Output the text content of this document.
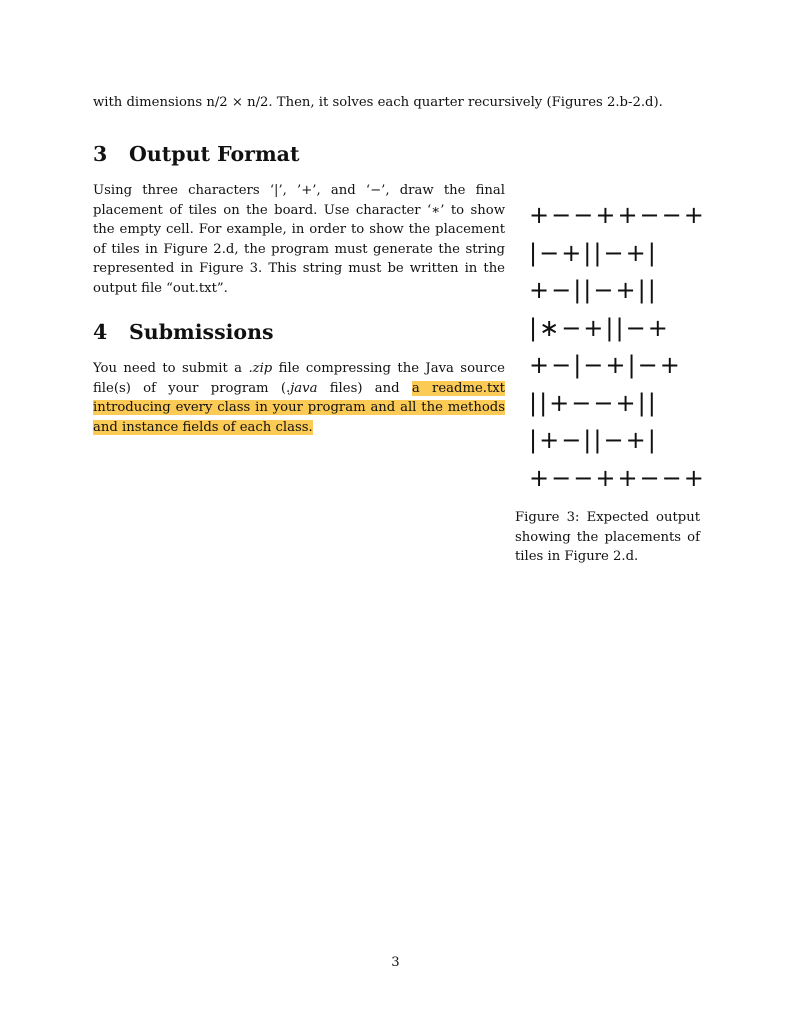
with dimensions n/2 × n/2. Then, it solves each quarter recursively (Figures 2.b-2.d).
3 Output Format
Using three characters ‘|’, ’+’, and ‘−’, draw the final placement of tiles on the board. Use character ‘∗’ to show the empty cell. For example, in order to show the placement of tiles in Figure 2.d, the program must generate the string represented in Figure 3. This string must be written in the output file “out.txt”.
4 Submissions
You need to submit a .zip file compressing the Java source file(s) of your program (.java files) and a readme.txt introducing every class in your program and all the methods and instance fields of each class.
+−−++−−+
|−+||−+|
+−||−+||
|∗−+||−+
+−|−+|−+
||+−−+||
|+−||−+|
+−−++−−+
Figure 3: Expected output showing the placements of tiles in Figure 2.d.
3
